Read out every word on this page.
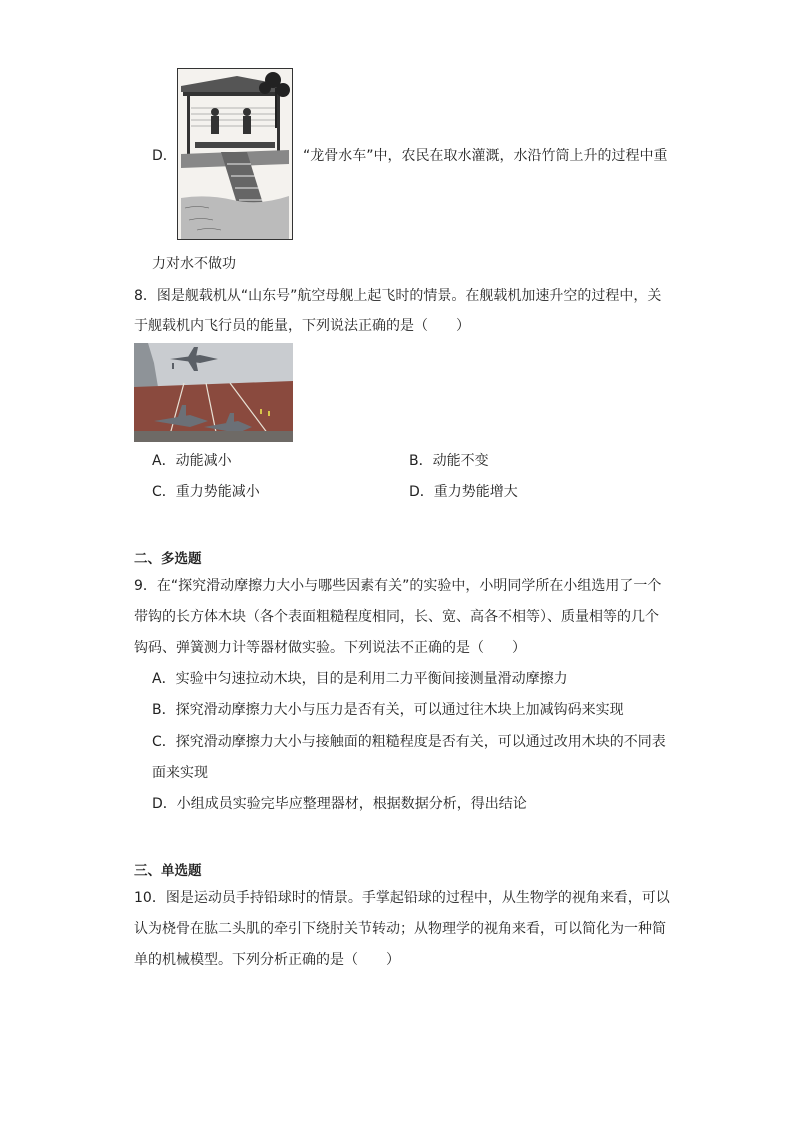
D．	“龙骨水车”中，农民在取水灌溉，水沿竹筒上升的过程中重
力对水不做功
8．图是舰载机从“山东号”航空母舰上起飞时的情景。在舰载机加速升空的过程中，关
于舰载机内飞行员的能量，下列说法正确的是（　　）
A．动能减小	B．动能不变
C．重力势能减小	D．重力势能增大
二、多选题
9．在“探究滑动摩擦力大小与哪些因素有关”的实验中，小明同学所在小组选用了一个
带钩的长方体木块（各个表面粗糙程度相同，长、宽、高各不相等）、质量相等的几个
钩码、弹簧测力计等器材做实验。下列说法不正确的是（　　）
A．实验中匀速拉动木块，目的是利用二力平衡间接测量滑动摩擦力
B．探究滑动摩擦力大小与压力是否有关，可以通过往木块上加减钩码来实现
C．探究滑动摩擦力大小与接触面的粗糙程度是否有关，可以通过改用木块的不同表
面来实现
D．小组成员实验完毕应整理器材，根据数据分析，得出结论
三、单选题
10．图是运动员手持铅球时的情景。手掌起铅球的过程中，从生物学的视角来看，可以
认为桡骨在肱二头肌的牵引下绕肘关节转动；从物理学的视角来看，可以简化为一种简
单的机械模型。下列分析正确的是（　　）
